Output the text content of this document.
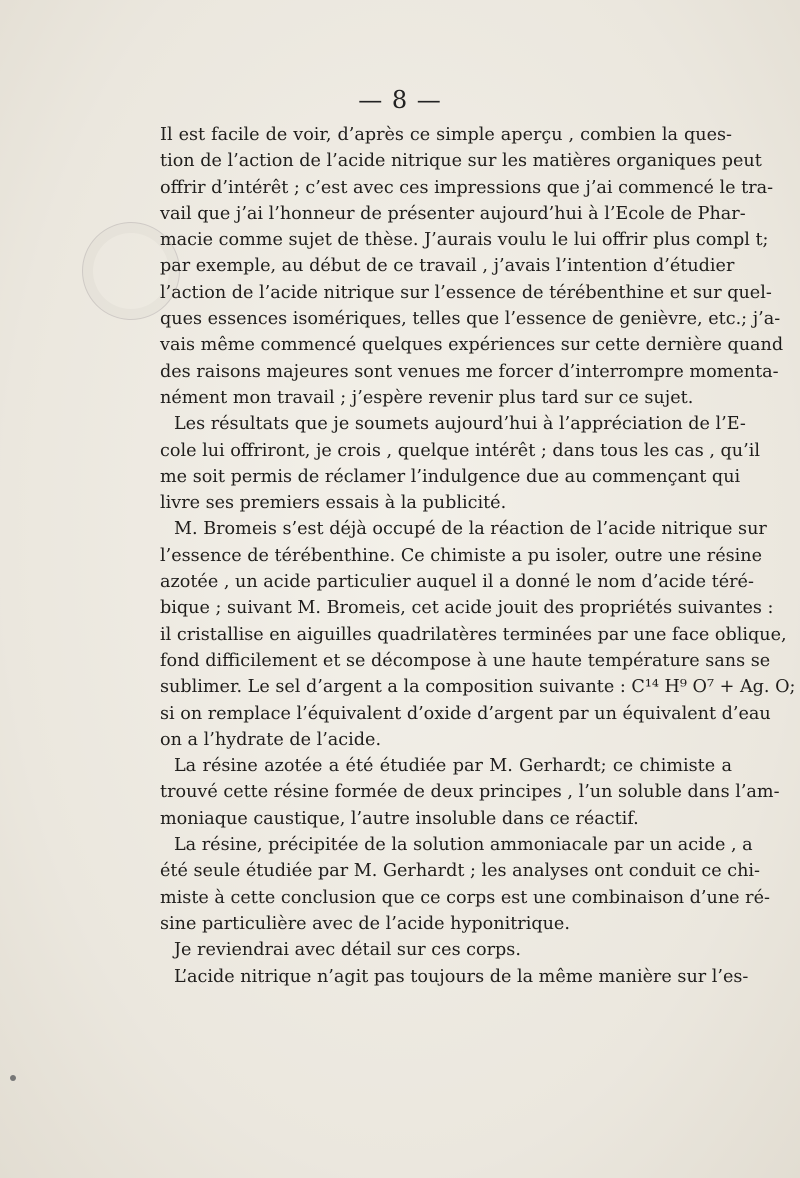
— 8 —
Il est facile de voir, d’après ce simple aperçu , combien la ques-
tion de l’action de l’acide nitrique sur les matières organiques peut
offrir d’intérêt ; c’est avec ces impressions que j’ai commencé le tra-
vail que j’ai l’honneur de présenter aujourd’hui à l’Ecole de Phar-
macie comme sujet de thèse. J’aurais voulu le lui offrir plus compl t;
par exemple, au début de ce travail , j’avais l’intention d’étudier
l’action de l’acide nitrique sur l’essence de térébenthine et sur quel-
ques essences isomériques, telles que l’essence de genièvre, etc.; j’a-
vais même commencé quelques expériences sur cette dernière quand
des raisons majeures sont venues me forcer d’interrompre momenta-
nément mon travail ; j’espère revenir plus tard sur ce sujet.
Les résultats que je soumets aujourd’hui à l’appréciation de l’E-
cole lui offriront, je crois , quelque intérêt ; dans tous les cas , qu’il
me soit permis de réclamer l’indulgence due au commençant qui
livre ses premiers essais à la publicité.
M. Bromeis s’est déjà occupé de la réaction de l’acide nitrique sur
l’essence de térébenthine. Ce chimiste a pu isoler, outre une résine
azotée , un acide particulier auquel il a donné le nom d’acide téré-
bique ; suivant M. Bromeis, cet acide jouit des propriétés suivantes :
il cristallise en aiguilles quadrilatères terminées par une face oblique,
fond difficilement et se décompose à une haute température sans se
sublimer. Le sel d’argent a la composition suivante : C¹⁴ H⁹ O⁷ + Ag. O;
si on remplace l’équivalent d’oxide d’argent par un équivalent d’eau
on a l’hydrate de l’acide.
La résine azotée a été étudiée par M. Gerhardt; ce chimiste a
trouvé cette résine formée de deux principes , l’un soluble dans l’am-
moniaque caustique, l’autre insoluble dans ce réactif.
La résine, précipitée de la solution ammoniacale par un acide , a
été seule étudiée par M. Gerhardt ; les analyses ont conduit ce chi-
miste à cette conclusion que ce corps est une combinaison d’une ré-
sine particulière avec de l’acide hyponitrique.
Je reviendrai avec détail sur ces corps.
L’acide nitrique n’agit pas toujours de la même manière sur l’es-
